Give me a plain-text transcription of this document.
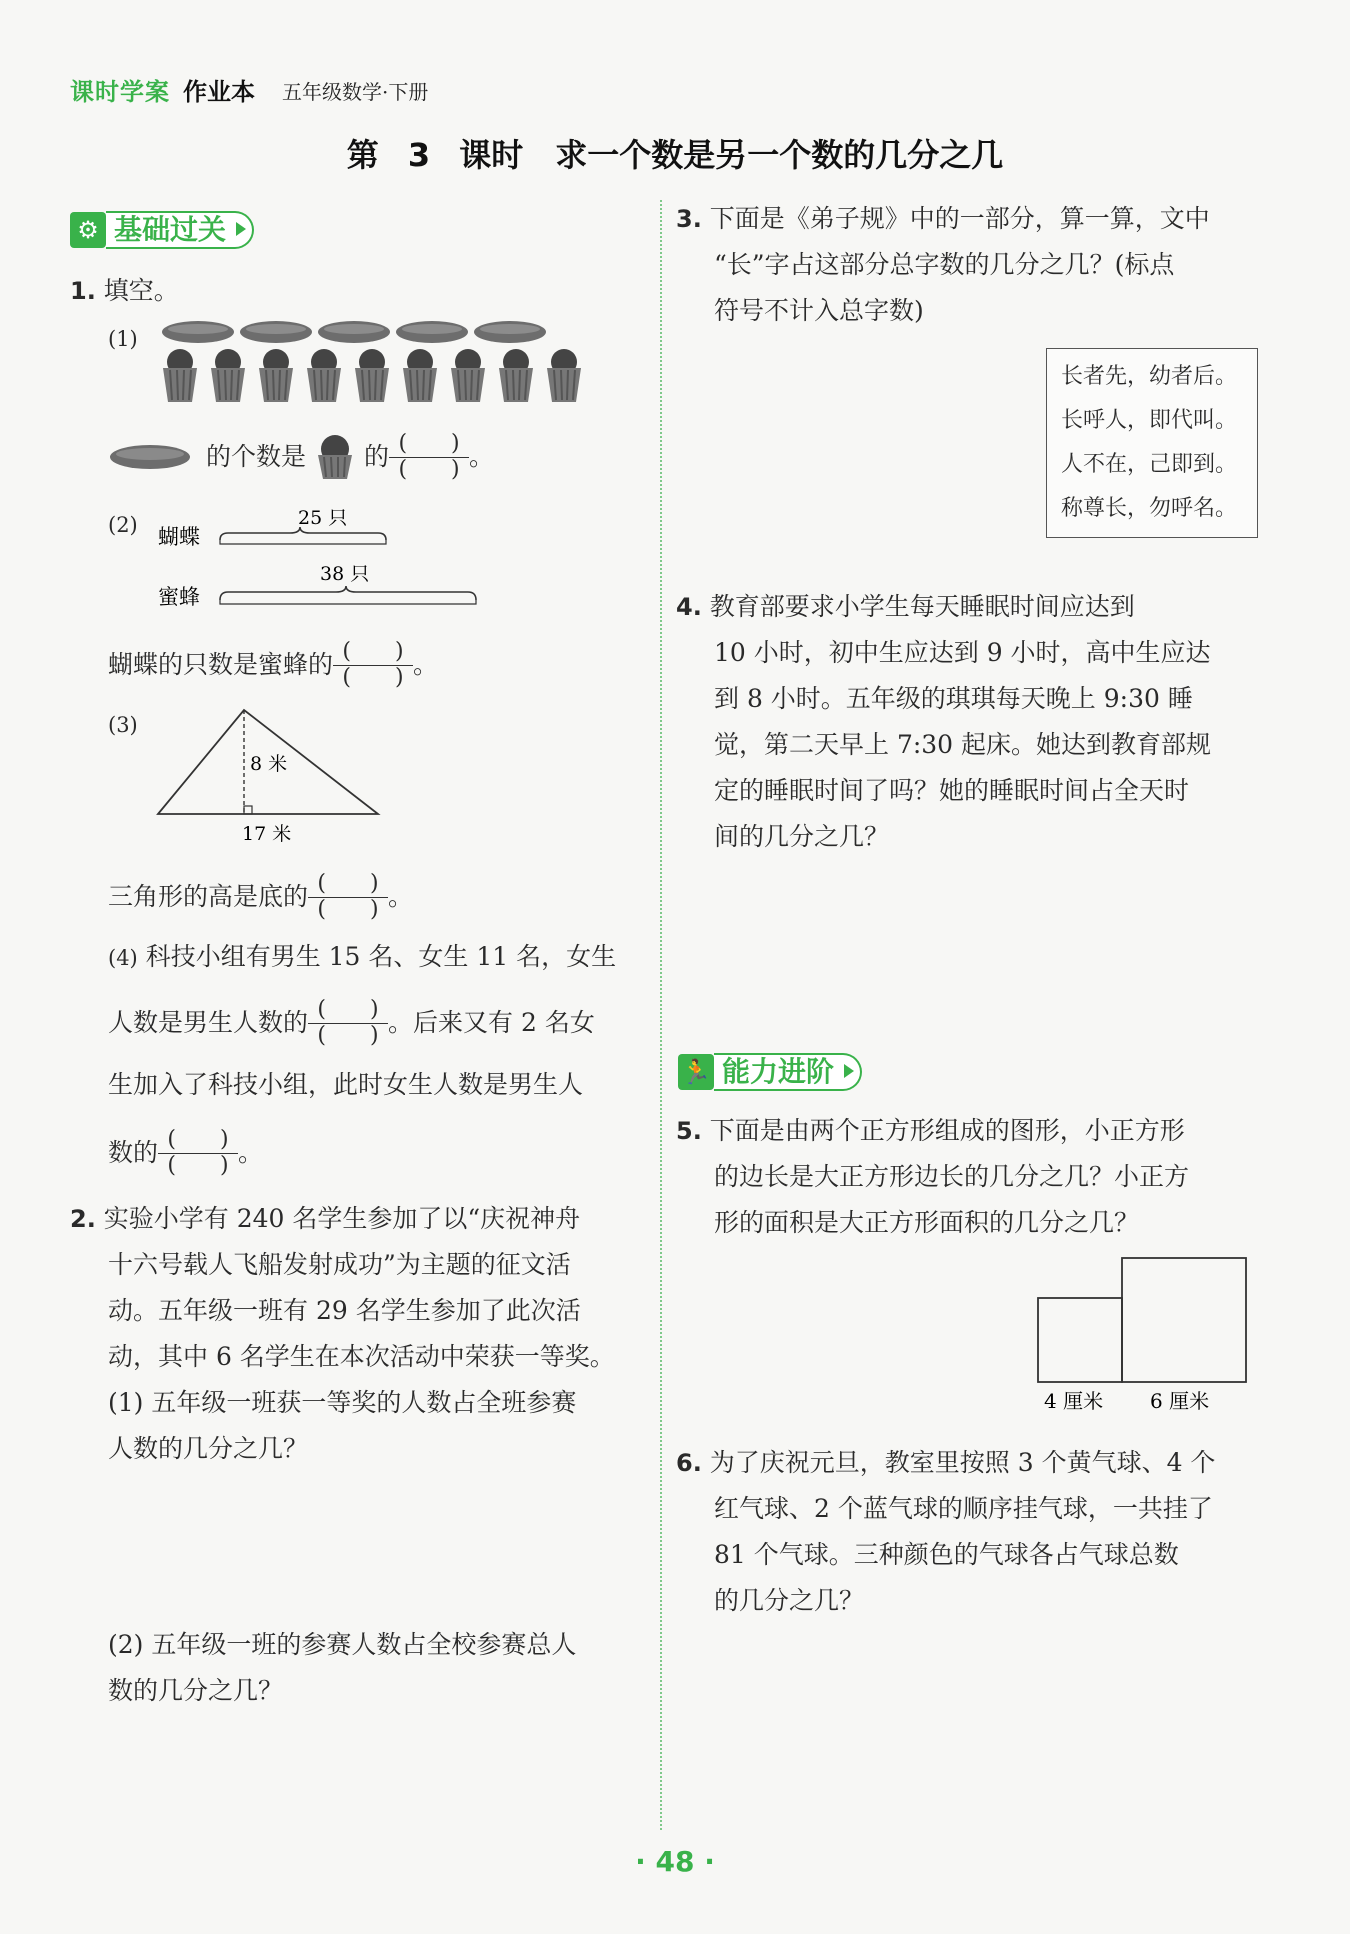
课时学案 作业本 五年级数学·下册
第 3 课时　求一个数是另一个数的几分之几
⚙ 基础过关
1. 填空。
(1)
的个数是 的 $\frac{( )}{( )}$ 。
(2)	25 只
蝴蝶
38 只
蜜蜂
蝴蝶的只数是蜜蜂的 $\frac{( )}{( )}$ 。
(3)
8 米
17 米
三角形的高是底的 $\frac{( )}{( )}$ 。
(4) 科技小组有男生 15 名、女生 11 名，女生
人数是男生人数的 $\frac{( )}{( )}$ 。后来又有 2 名女
生加入了科技小组，此时女生人数是男生人
数的 $\frac{( )}{( )}$ 。
2. 实验小学有 240 名学生参加了以“庆祝神舟
十六号载人飞船发射成功”为主题的征文活
动。五年级一班有 29 名学生参加了此次活
动，其中 6 名学生在本次活动中荣获一等奖。
(1) 五年级一班获一等奖的人数占全班参赛
人数的几分之几？
(2) 五年级一班的参赛人数占全校参赛总人
数的几分之几？
3. 下面是《弟子规》中的一部分，算一算，文中
“长”字占这部分总字数的几分之几？(标点
符号不计入总字数)
长者先，幼者后。
长呼人，即代叫。
人不在，己即到。
称尊长，勿呼名。
4. 教育部要求小学生每天睡眠时间应达到
10 小时，初中生应达到 9 小时，高中生应达
到 8 小时。五年级的琪琪每天晚上 9:30 睡
觉，第二天早上 7:30 起床。她达到教育部规
定的睡眠时间了吗？她的睡眠时间占全天时
间的几分之几？
🏃 能力进阶
5. 下面是由两个正方形组成的图形，小正方形
的边长是大正方形边长的几分之几？小正方
形的面积是大正方形面积的几分之几？
4 厘米 6 厘米
6. 为了庆祝元旦，教室里按照 3 个黄气球、4 个
红气球、2 个蓝气球的顺序挂气球，一共挂了
81 个气球。三种颜色的气球各占气球总数
的几分之几？
· 48 ·
